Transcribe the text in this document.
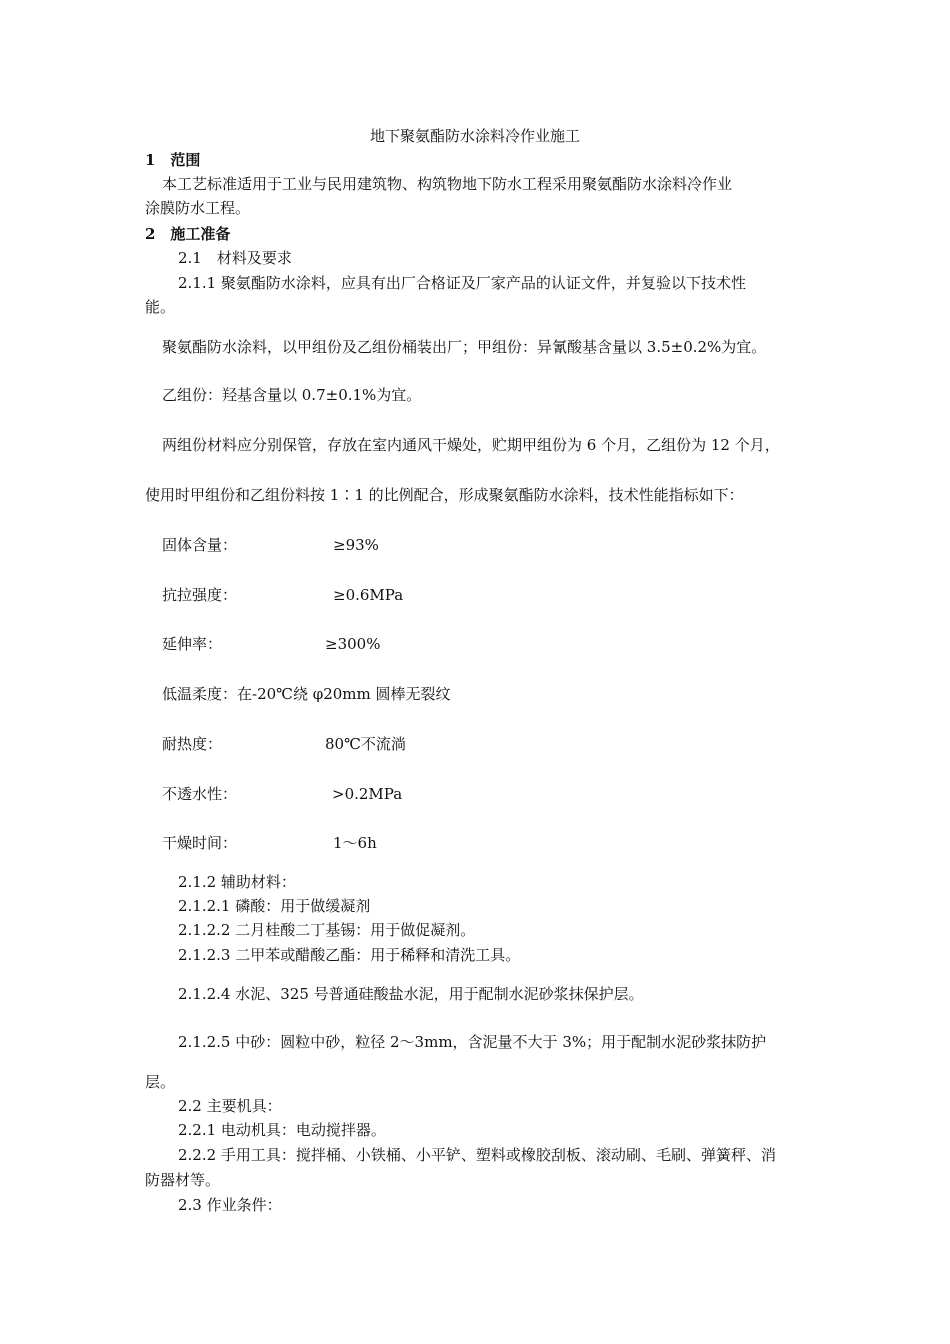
地下聚氨酯防水涂料冷作业施工
1　范围
本工艺标准适用于工业与民用建筑物、构筑物地下防水工程采用聚氨酯防水涂料冷作业
涂膜防水工程。
2　施工准备
2.1　材料及要求
2.1.1 聚氨酯防水涂料，应具有出厂合格证及厂家产品的认证文件，并复验以下技术性
能。
聚氨酯防水涂料，以甲组份及乙组份桶装出厂；甲组份：异氰酸基含量以 3.5±0.2%为宜。
乙组份：羟基含量以 0.7±0.1%为宜。
两组份材料应分别保管，存放在室内通风干燥处，贮期甲组份为 6 个月，乙组份为 12 个月，
使用时甲组份和乙组份料按 1∶1 的比例配合，形成聚氨酯防水涂料，技术性能指标如下：
固体含量：	≥93%
抗拉强度：	≥0.6MPa
延伸率：	≥300%
低温柔度：在-20℃绕 φ20mm 圆棒无裂纹
耐热度：	80℃不流淌
不透水性：	>0.2MPa
干燥时间：	1～6h
2.1.2 辅助材料：
2.1.2.1 磷酸：用于做缓凝剂
2.1.2.2 二月桂酸二丁基锡：用于做促凝剂。
2.1.2.3 二甲苯或醋酸乙酯：用于稀释和清洗工具。
2.1.2.4 水泥、325 号普通硅酸盐水泥，用于配制水泥砂浆抹保护层。
2.1.2.5 中砂：圆粒中砂，粒径 2～3mm，含泥量不大于 3%；用于配制水泥砂浆抹防护
层。
2.2 主要机具：
2.2.1 电动机具：电动搅拌器。
2.2.2 手用工具：搅拌桶、小铁桶、小平铲、塑料或橡胶刮板、滚动刷、毛刷、弹簧秤、消
防器材等。
2.3 作业条件：
